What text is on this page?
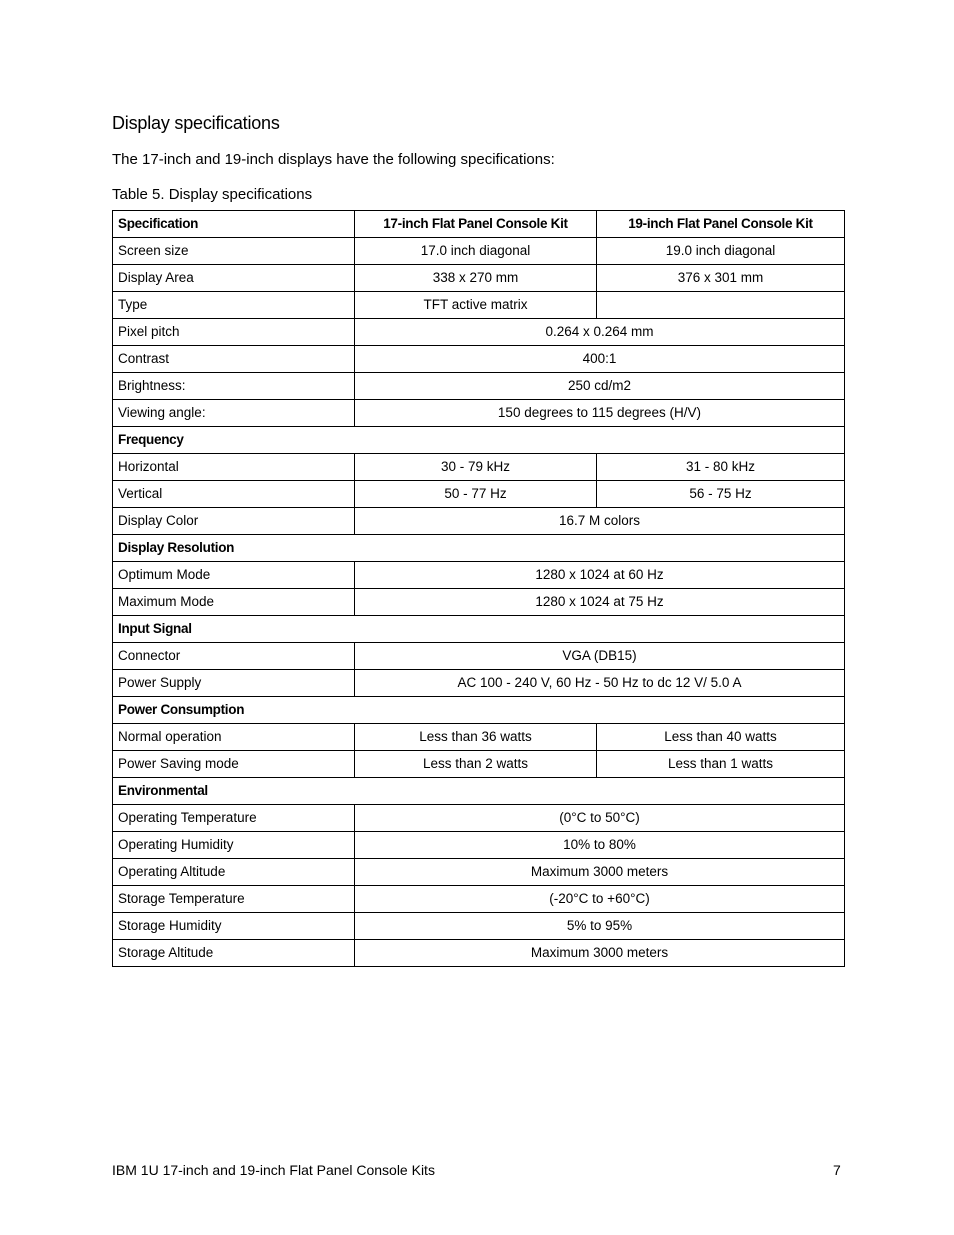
Display specifications

The 17-inch and 19-inch displays have the following specifications:

Table 5. Display specifications

Specification	17-inch Flat Panel Console Kit	19-inch Flat Panel Console Kit
Screen size	17.0 inch diagonal	19.0 inch diagonal
Display Area	338 x 270 mm	376 x 301 mm
Type	TFT active matrix	
Pixel pitch	0.264 x 0.264 mm	
Contrast	400:1	
Brightness:	250 cd/m2	
Viewing angle:	150 degrees to 115 degrees (H/V)	
Frequency		
Horizontal	30 - 79 kHz	31 - 80 kHz
Vertical	50 - 77 Hz	56 - 75 Hz
Display Color	16.7 M colors	
Display Resolution		
Optimum Mode	1280 x 1024 at 60 Hz	
Maximum Mode	1280 x 1024 at 75 Hz	
Input Signal		
Connector	VGA (DB15)	
Power Supply	AC 100 - 240 V, 60 Hz - 50 Hz to dc 12 V/ 5.0 A	
Power Consumption		
Normal operation	Less than 36 watts	Less than 40 watts
Power Saving mode	Less than 2 watts	Less than 1 watts
Environmental		
Operating Temperature	(0°C to 50°C)	
Operating Humidity	10% to 80%	
Operating Altitude	Maximum 3000 meters	
Storage Temperature	(-20°C to +60°C)	
Storage Humidity	5% to 95%	
Storage Altitude	Maximum 3000 meters	

IBM 1U 17-inch and 19-inch Flat Panel Console Kits	7
